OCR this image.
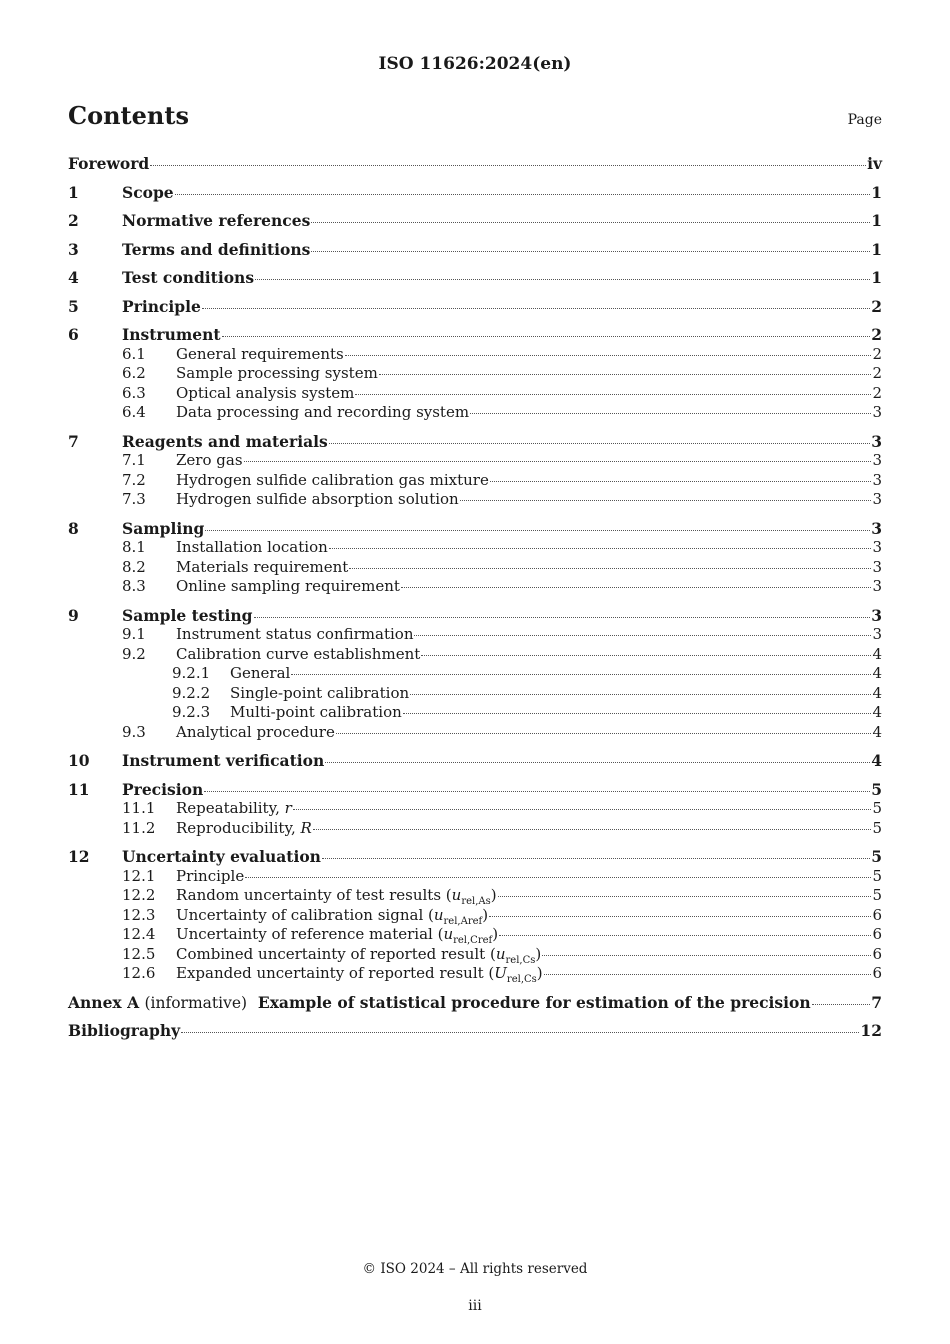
ISO 11626:2024(en)
Contents	Page
Foreword	iv
1	Scope	1
2	Normative references	1
3	Terms and definitions	1
4	Test conditions	1
5	Principle	2
6	Instrument	2
6.1	General requirements	2
6.2	Sample processing system	2
6.3	Optical analysis system	2
6.4	Data processing and recording system	3
7	Reagents and materials	3
7.1	Zero gas	3
7.2	Hydrogen sulfide calibration gas mixture	3
7.3	Hydrogen sulfide absorption solution	3
8	Sampling	3
8.1	Installation location	3
8.2	Materials requirement	3
8.3	Online sampling requirement	3
9	Sample testing	3
9.1	Instrument status confirmation	3
9.2	Calibration curve establishment	4
9.2.1	General	4
9.2.2	Single-point calibration	4
9.2.3	Multi-point calibration	4
9.3	Analytical procedure	4
10	Instrument verification	4
11	Precision	5
11.1	Repeatability, r	5
11.2	Reproducibility, R	5
12	Uncertainty evaluation	5
12.1	Principle	5
12.2	Random uncertainty of test results $(u_{rel,As})$	5
12.3	Uncertainty of calibration signal $(u_{rel,Aref})$	6
12.4	Uncertainty of reference material $(u_{rel,Cref})$	6
12.5	Combined uncertainty of reported result $(u_{rel,Cs})$	6
12.6	Expanded uncertainty of reported result $(U_{rel,Cs})$	6
Annex A (informative) Example of statistical procedure for estimation of the precision	7
Bibliography	12
© ISO 2024 – All rights reserved
iii
